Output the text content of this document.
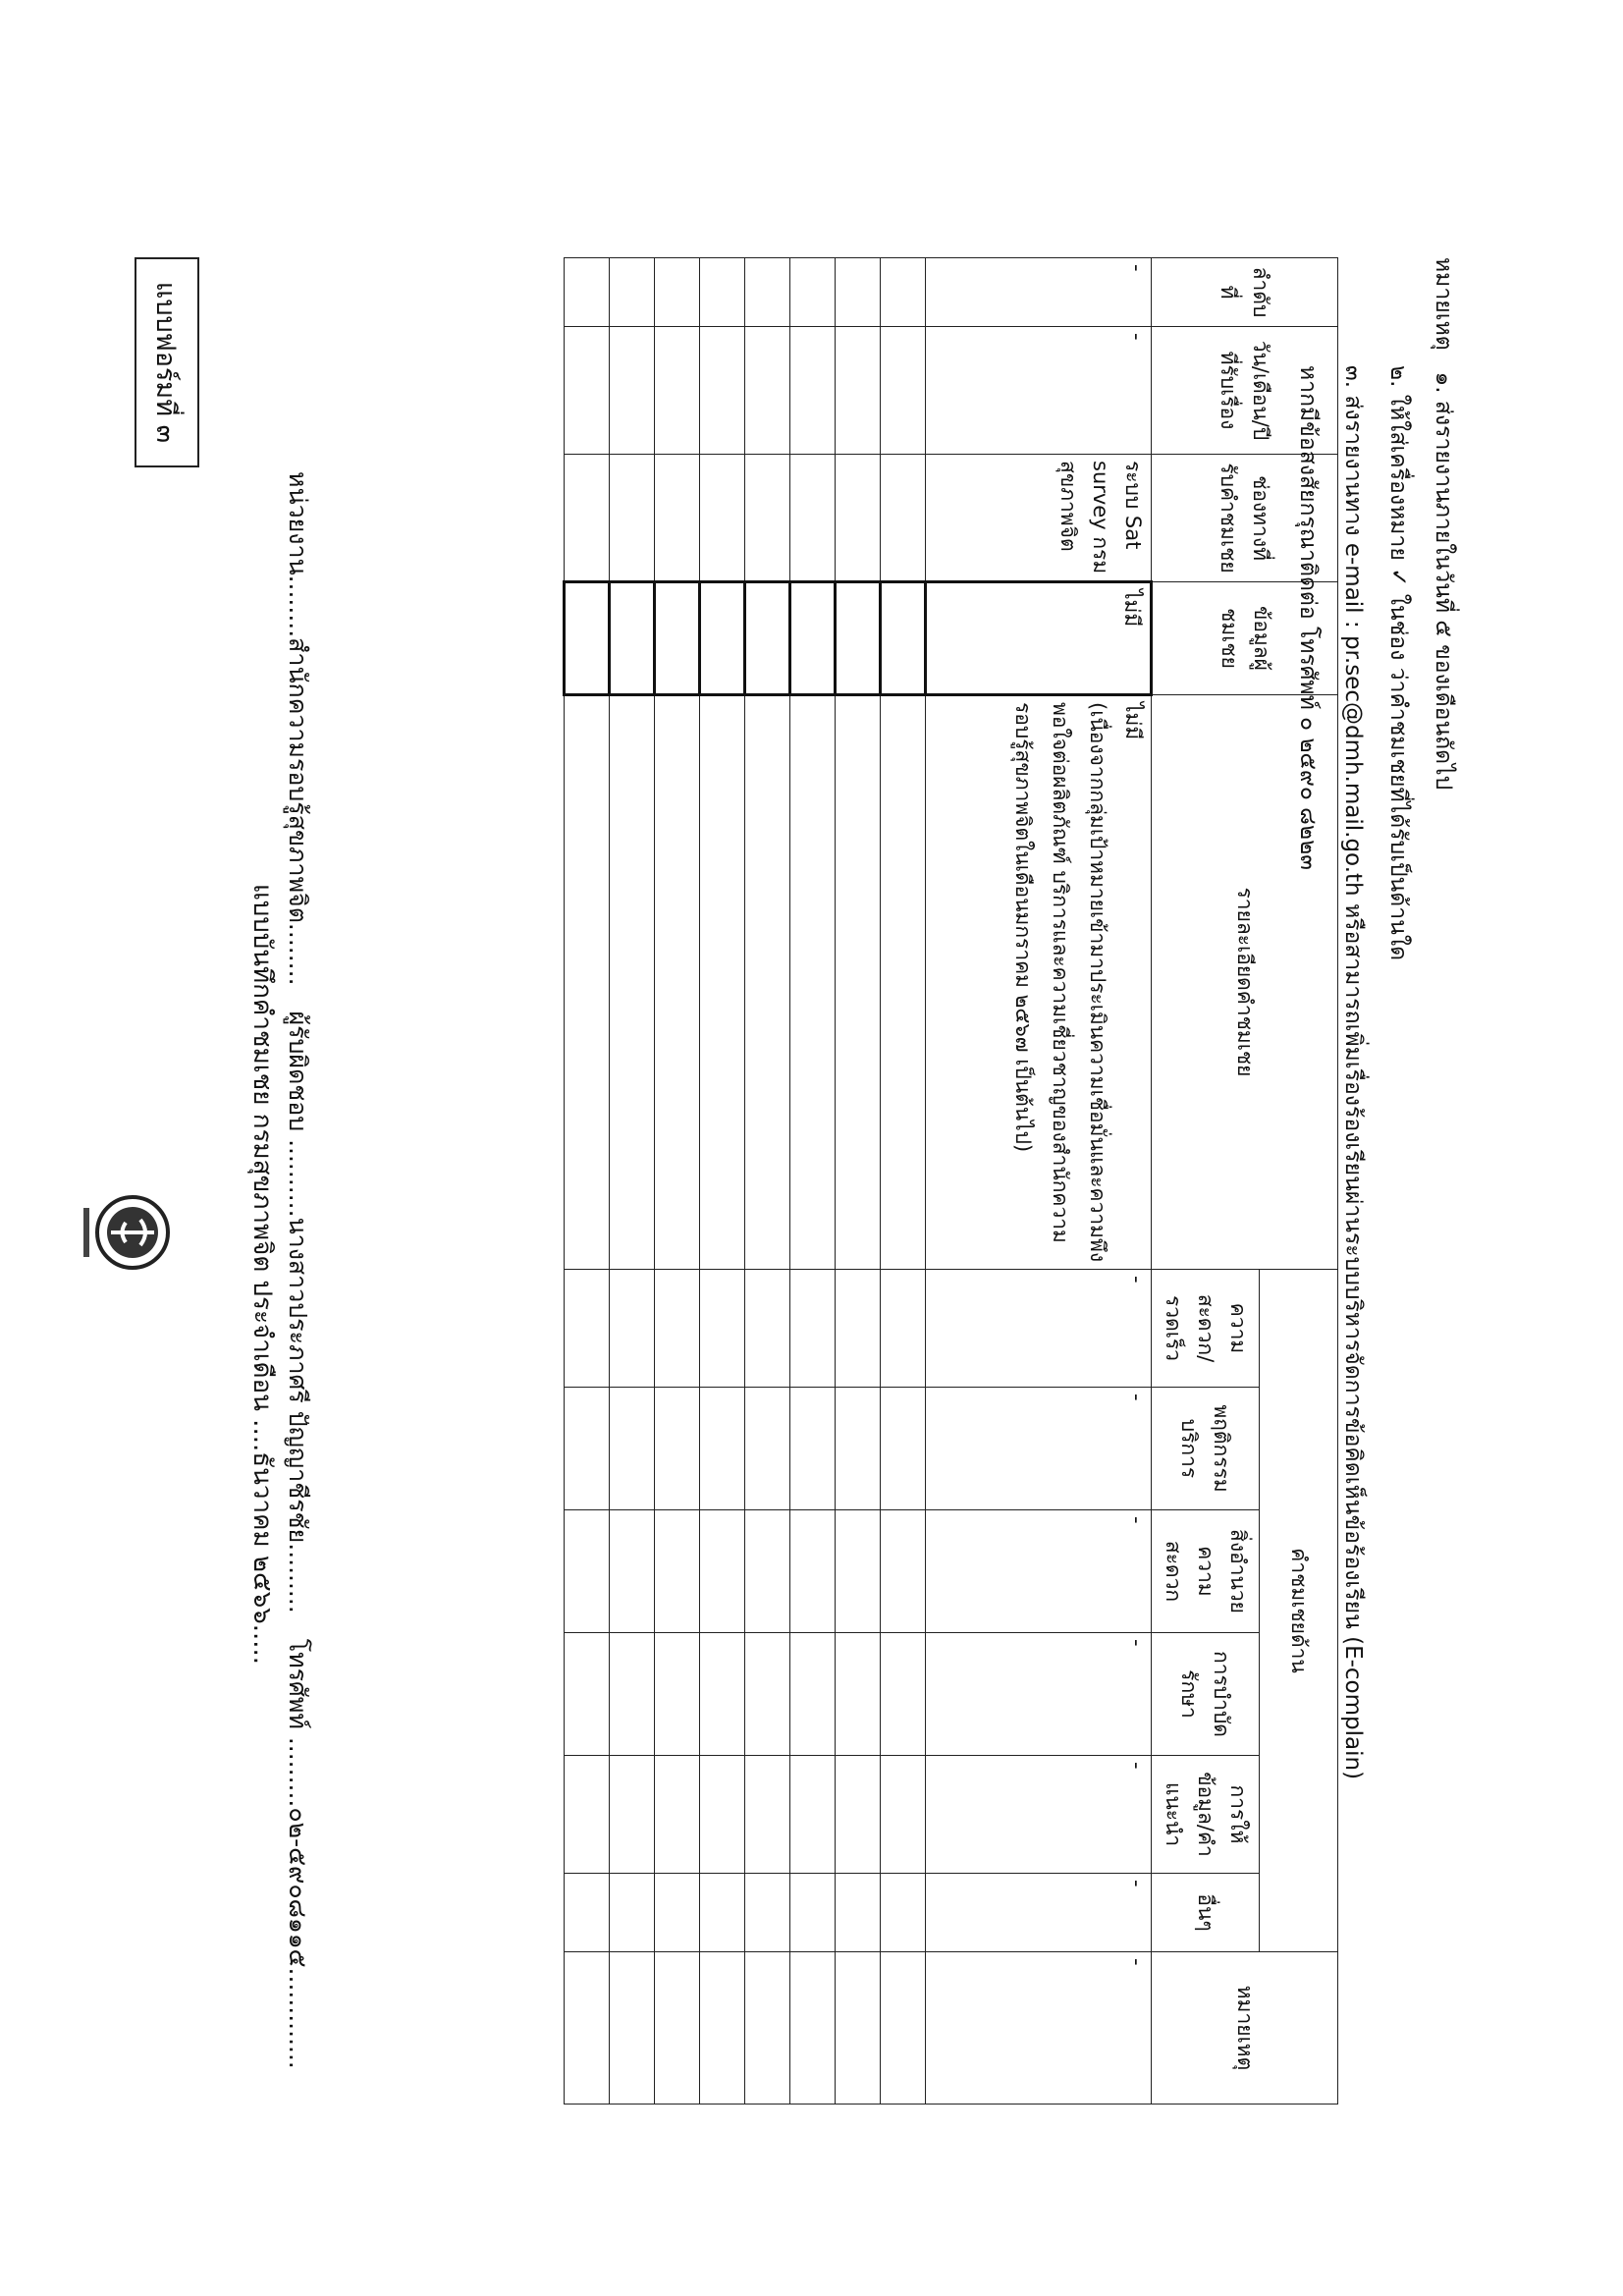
แบบฟอร์มที่ ๓
แบบบันทึกคำชมเชย กรมสุขภาพจิต ประจำเดือน ....ธันวาคม ๒๕๖๖.....
หน่วยงาน........สำนักความรอบรู้สุขภาพจิต........ ผู้รับผิดชอบ ..........นางสาวประภาศรี ปัญญาชีรชัย......... โทรศัพท์ .........๐๒-๕๙๐๘๑๑๕.............
ลำดับที่	วัน/เดือน/ปี ที่รับเรื่อง	ช่องทางที่รับคำชมเชย	ข้อมูลผู้ชมเชย	รายละเอียดคำชมเชย	คำชมเชยด้าน						หมายเหตุ
					ความสะดวก/รวดเร็ว	พฤติกรรมบริการ	สิ่งอำนวยความสะดวก	การบำบัดรักษา	การให้ข้อมูล/คำแนะนำ	อื่นๆ	
-	-	ระบบ Sat survey กรมสุขภาพจิต	ไม่มี	ไม่มี
(เนื่องจากกลุ่มเป้าหมายเข้ามาประเมินความเชื่อมั่นและความพึงพอใจต่อผลิตภัณฑ์ บริการและความเชี่ยวชาญของสำนักความรอบรู้สุขภาพจิตในเดือนมกราคม ๒๕๖๗ เป็นต้นไป)	-	-	-	-	-	-	-

หมายเหตุ   ๑. ส่งรายงานภายในวันที่ ๕ ของเดือนถัดไป
๒. ให้ใส่เครื่องหมาย ✓ ในช่อง ว่าคำชมเชยที่ได้รับเป็นด้านใด
๓. ส่งรายงานทาง e-mail : pr.sec@dmh.mail.go.th หรือสามารถเพิ่มเรื่องร้องเรียนผ่านระบบบริหารจัดการข้อคิดเห็นข้อร้องเรียน (E-complain)
หากมีข้อสงสัยกรุณาติดต่อ โทรศัพท์ ๐ ๒๕๙๐ ๘๒๒๓
